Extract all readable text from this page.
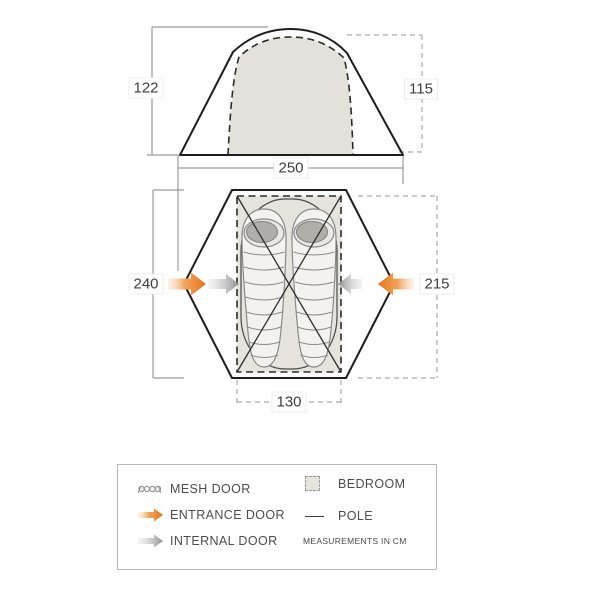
122	115
250
240	215
130
MESH DOOR
ENTRANCE DOOR
INTERNAL DOOR
BEDROOM
POLE
MEASUREMENTS IN CM
